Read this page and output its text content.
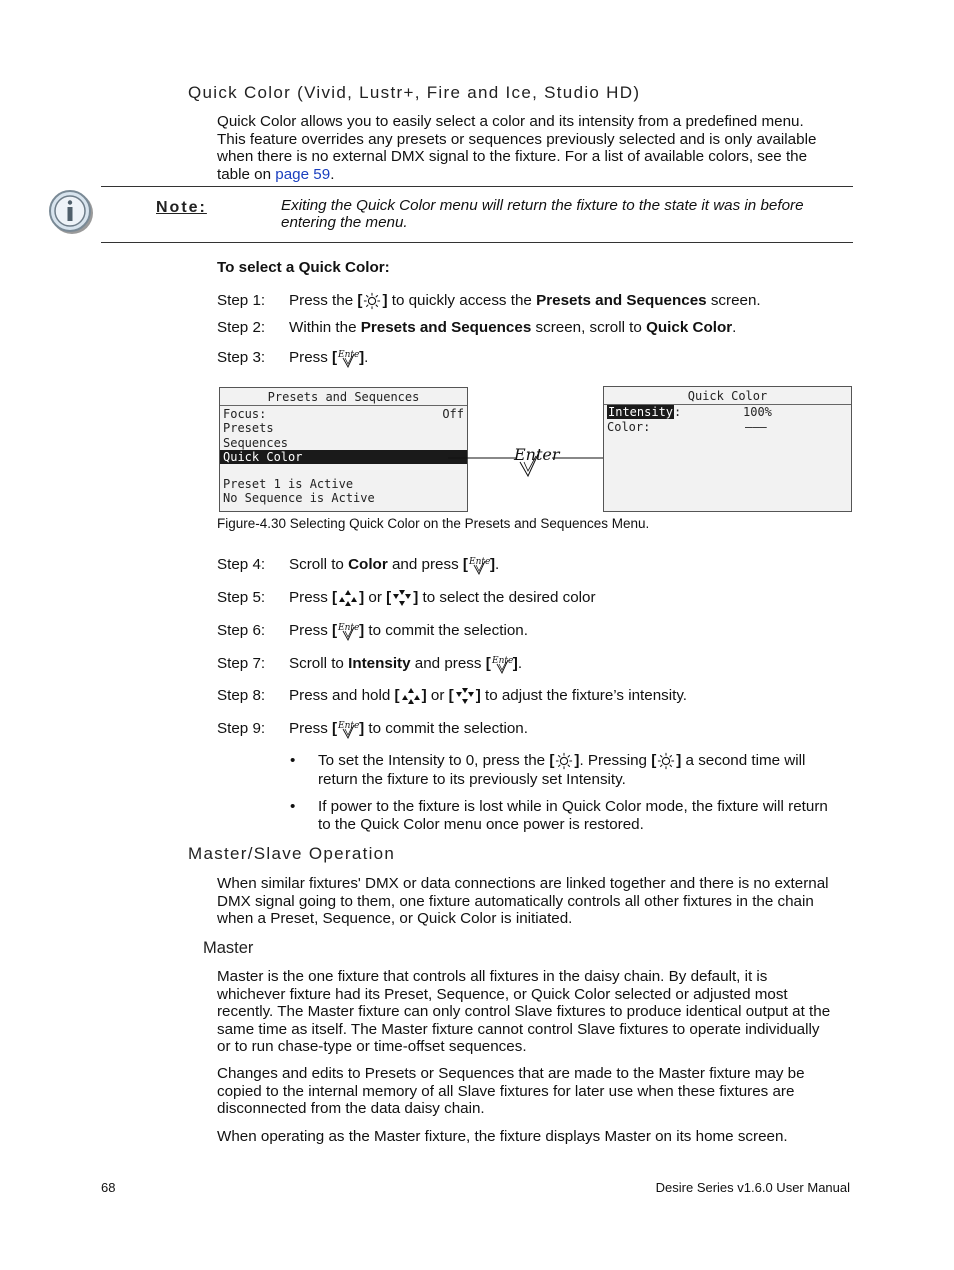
Quick Color (Vivid, Lustr+, Fire and Ice, Studio HD)
Quick Color allows you to easily select a color and its intensity from a predefined menu.
This feature overrides any presets or sequences previously selected and is only available
when there is no external DMX signal to the fixture. For a list of available colors, see the
table on page 59.
Note:	Exiting the Quick Color menu will return the fixture to the state it was in before
entering the menu.
To select a Quick Color:
Step 1: Press the [ ] to quickly access the Presets and Sequences screen.
Step 2: Within the Presets and Sequences screen, scroll to Quick Color.
Step 3: Press [ ].
Presets and Sequences
Focus:	Off
Presets
Sequences
Quick Color
Preset 1 is Active
No Sequence is Active
Enter
Quick Color
Intensity:	100%
Color:	———
Figure-4.30 Selecting Quick Color on the Presets and Sequences Menu.
Step 4: Scroll to Color and press [ ].
Step 5: Press [ ] or [ ] to select the desired color
Step 6: Press [ ] to commit the selection.
Step 7: Scroll to Intensity and press [ ].
Step 8: Press and hold [ ] or [ ] to adjust the fixture’s intensity.
Step 9: Press [ ] to commit the selection.
• To set the Intensity to 0, press the [ ]. Pressing [ ] a second time will
return the fixture to its previously set Intensity.
• If power to the fixture is lost while in Quick Color mode, the fixture will return
to the Quick Color menu once power is restored.
Master/Slave Operation
When similar fixtures' DMX or data connections are linked together and there is no external
DMX signal going to them, one fixture automatically controls all other fixtures in the chain
when a Preset, Sequence, or Quick Color is initiated.
Master
Master is the one fixture that controls all fixtures in the daisy chain. By default, it is
whichever fixture had its Preset, Sequence, or Quick Color selected or adjusted most
recently. The Master fixture can only control Slave fixtures to produce identical output at the
same time as itself. The Master fixture cannot control Slave fixtures to operate individually
or to run chase-type or time-offset sequences.
Changes and edits to Presets or Sequences that are made to the Master fixture may be
copied to the internal memory of all Slave fixtures for later use when these fixtures are
disconnected from the data daisy chain.
When operating as the Master fixture, the fixture displays Master on its home screen.
68	Desire Series v1.6.0 User Manual
